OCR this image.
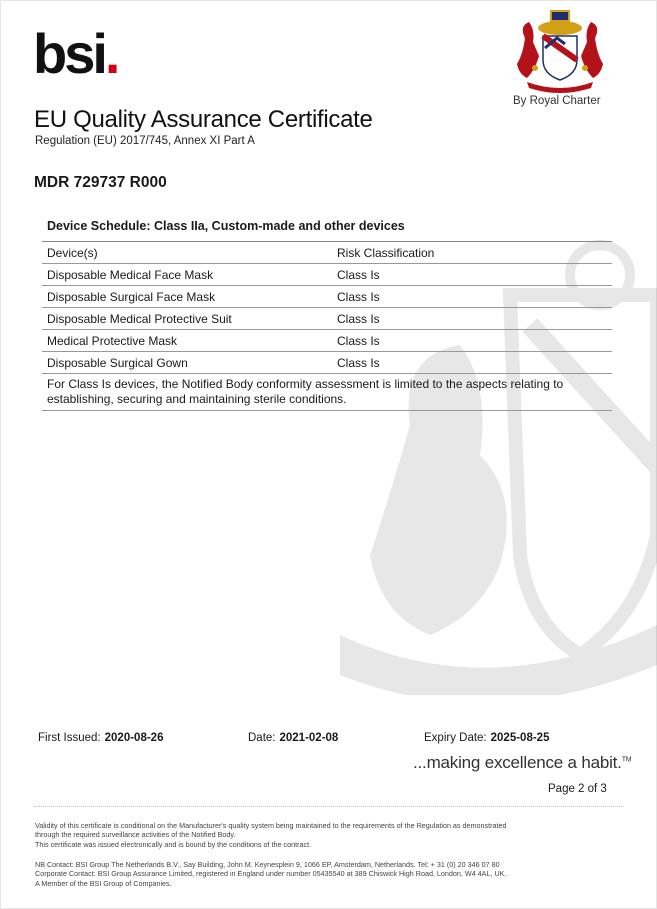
bsi.
By Royal Charter
EU Quality Assurance Certificate
Regulation (EU) 2017/745, Annex XI Part A
MDR 729737 R000
Device Schedule: Class IIa, Custom-made and other devices
Device(s)	Risk Classification
Disposable Medical Face Mask	Class Is
Disposable Surgical Face Mask	Class Is
Disposable Medical Protective Suit	Class Is
Medical Protective Mask	Class Is
Disposable Surgical Gown	Class Is
For Class Is devices, the Notified Body conformity assessment is limited to the aspects relating to
establishing, securing and maintaining sterile conditions.
First Issued: 2020-08-26	Date: 2021-02-08	Expiry Date: 2025-08-25
...making excellence a habit.™
Page 2 of 3
Validity of this certificate is conditional on the Manufacturer's quality system being maintained to the requirements of the Regulation as demonstrated
through the required surveillance activities of the Notified Body.
This certificate was issued electronically and is bound by the conditions of the contract.
NB Contact: BSI Group The Netherlands B.V., Say Building, John M. Keynesplein 9, 1066 EP, Amsterdam, Netherlands. Tel: + 31 (0) 20 346 07 80
Corporate Contact: BSI Group Assurance Limited, registered in England under number 05435540 at 389 Chiswick High Road, London, W4 4AL, UK.
A Member of the BSI Group of Companies.
